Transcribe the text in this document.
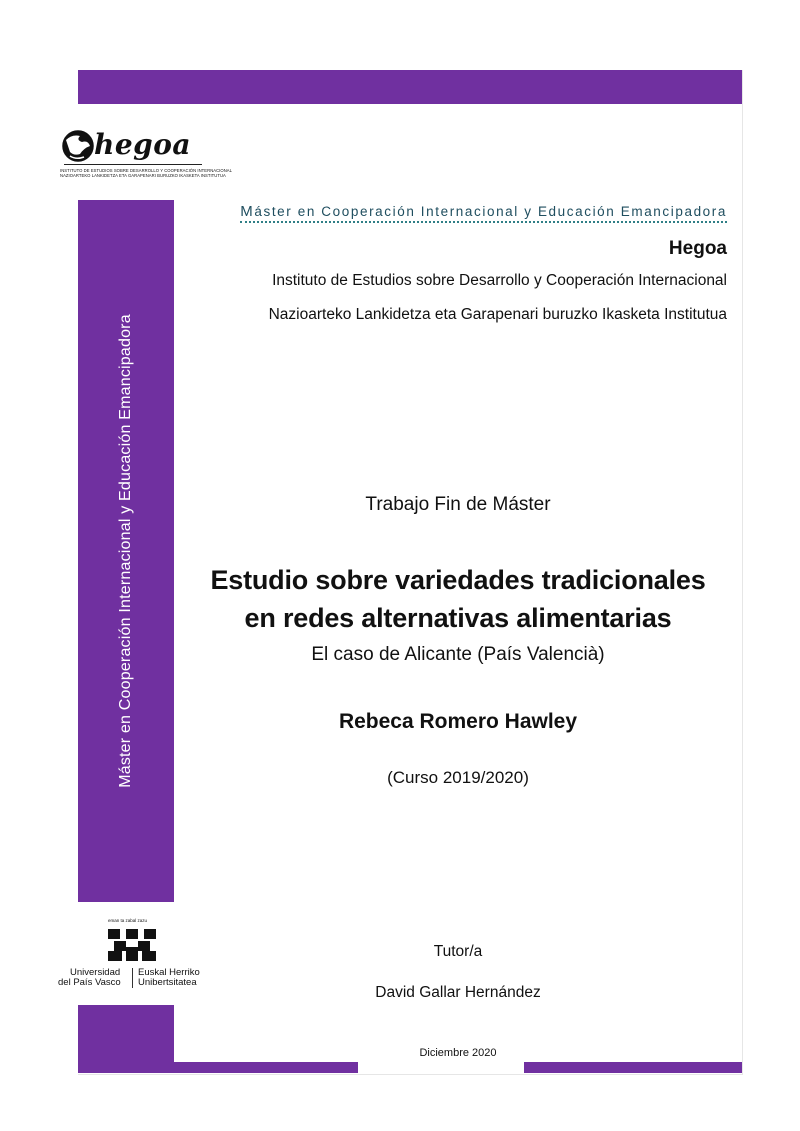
Máster en Cooperación Internacional y Educación Emancipadora
hegoa
INSTITUTO DE ESTUDIOS SOBRE DESARROLLO Y COOPERACIÓN INTERNACIONAL
NAZIOARTEKO LANKIDETZA ETA GARAPENARI BURUZKO IKASKETA INSTITUTUA
Máster en Cooperación Internacional y Educación Emancipadora
Hegoa
Instituto de Estudios sobre Desarrollo y Cooperación Internacional
Nazioarteko Lankidetza eta Garapenari buruzko Ikasketa Institutua
Trabajo Fin de Máster
Estudio sobre variedades tradicionales
en redes alternativas alimentarias
El caso de Alicante (País Valencià)
Rebeca Romero Hawley
(Curso 2019/2020)
Tutor/a
David Gallar Hernández
Diciembre 2020
eman ta zabal zazu
Universidad
del País Vasco
Euskal Herriko
Unibertsitatea
